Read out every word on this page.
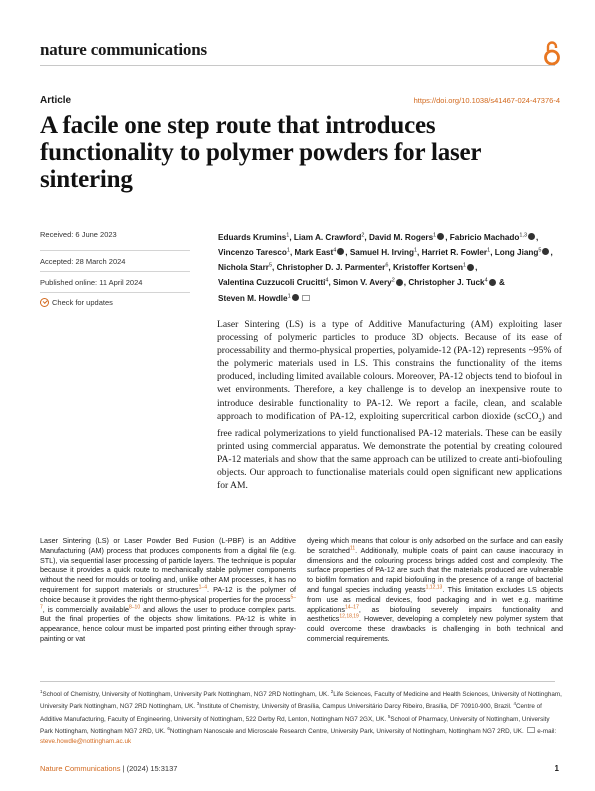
nature communications
Article	https://doi.org/10.1038/s41467-024-47376-4
A facile one step route that introduces functionality to polymer powders for laser sintering
Received: 6 June 2023
Accepted: 28 March 2024
Published online: 11 April 2024
Check for updates
Eduards Krumins$^1$, Liam A. Crawford$^2$, David M. Rogers$^1$ , Fabricio Machado$^{1,3}$ , Vincenzo Taresco$^1$, Mark East$^4$ , Samuel H. Irving$^1$, Harriet R. Fowler$^1$, Long Jiang$^5$ , Nichola Starr$^5$, Christopher D. J. Parmenter$^6$, Kristoffer Kortsen$^1$ , Valentina Cuzzucoli Crucitti$^4$, Simon V. Avery$^2$ , Christopher J. Tuck$^4$ & Steven M. Howdle$^1$
Laser Sintering (LS) is a type of Additive Manufacturing (AM) exploiting laser processing of polymeric particles to produce 3D objects. Because of its ease of processability and thermo-physical properties, polyamide-12 (PA-12) represents ~95% of the polymeric materials used in LS. This constrains the functionality of the items produced, including limited available colours. Moreover, PA-12 objects tend to biofoul in wet environments. Therefore, a key challenge is to develop an inexpensive route to introduce desirable functionality to PA-12. We report a facile, clean, and scalable approach to modification of PA-12, exploiting supercritical carbon dioxide (scCO$_2$) and free radical polymerizations to yield functionalised PA-12 materials. These can be easily printed using commercial apparatus. We demonstrate the potential by creating coloured PA-12 materials and show that the same approach can be utilized to create anti-biofouling objects. Our approach to functionalise materials could open significant new applications for AM.
Laser Sintering (LS) or Laser Powder Bed Fusion (L-PBF) is an Additive Manufacturing (AM) process that produces components from a digital file (e.g. STL), via sequential laser processing of particle layers. The technique is popular because it provides a quick route to mechanically stable polymer components without the need for moulds or tooling and, unlike other AM processes, it has no requirement for support materials or structures$^{1-4}$. PA-12 is the polymer of choice because it provides the right thermo-physical properties for the process$^{5-7}$, is commercially available$^{8-10}$ and allows the user to produce complex parts. But the final properties of the objects show limitations. PA-12 is white in appearance, hence colour must be imparted post printing either through spray-painting or vat
dyeing which means that colour is only adsorbed on the surface and can easily be scratched$^{11}$. Additionally, multiple coats of paint can cause inaccuracy in dimensions and the colouring process brings added cost and complexity. The surface properties of PA-12 are such that the materials produced are vulnerable to biofilm formation and rapid biofouling in the presence of a range of bacterial and fungal species including yeasts$^{1,12,13}$. This limitation excludes LS objects from use as medical devices, food packaging and in wet e.g. maritime applications$^{14-17}$, as biofouling severely impairs functionality and aesthetics$^{12,18,19}$. However, developing a completely new polymer system that could overcome these drawbacks is challenging in both technical and commercial requirements.
$^1$School of Chemistry, University of Nottingham, University Park Nottingham, NG7 2RD Nottingham, UK. $^2$Life Sciences, Faculty of Medicine and Health Sciences, University of Nottingham, University Park Nottingham, NG7 2RD Nottingham, UK. $^3$Institute of Chemistry, University of Brasília, Campus Universitário Darcy Ribeiro, Brasília, DF 70910-900, Brazil. $^4$Centre of Additive Manufacturing, Faculty of Engineering, University of Nottingham, 522 Derby Rd, Lenton, Nottingham NG7 2GX, UK. $^5$School of Pharmacy, University of Nottingham, University Park Nottingham, Nottingham NG7 2RD, UK. $^6$Nottingham Nanoscale and Microscale Research Centre, University Park, University of Nottingham, Nottingham NG7 2RD, UK.  e-mail: steve.howdle@nottingham.ac.uk
Nature Communications | (2024) 15:3137	1
